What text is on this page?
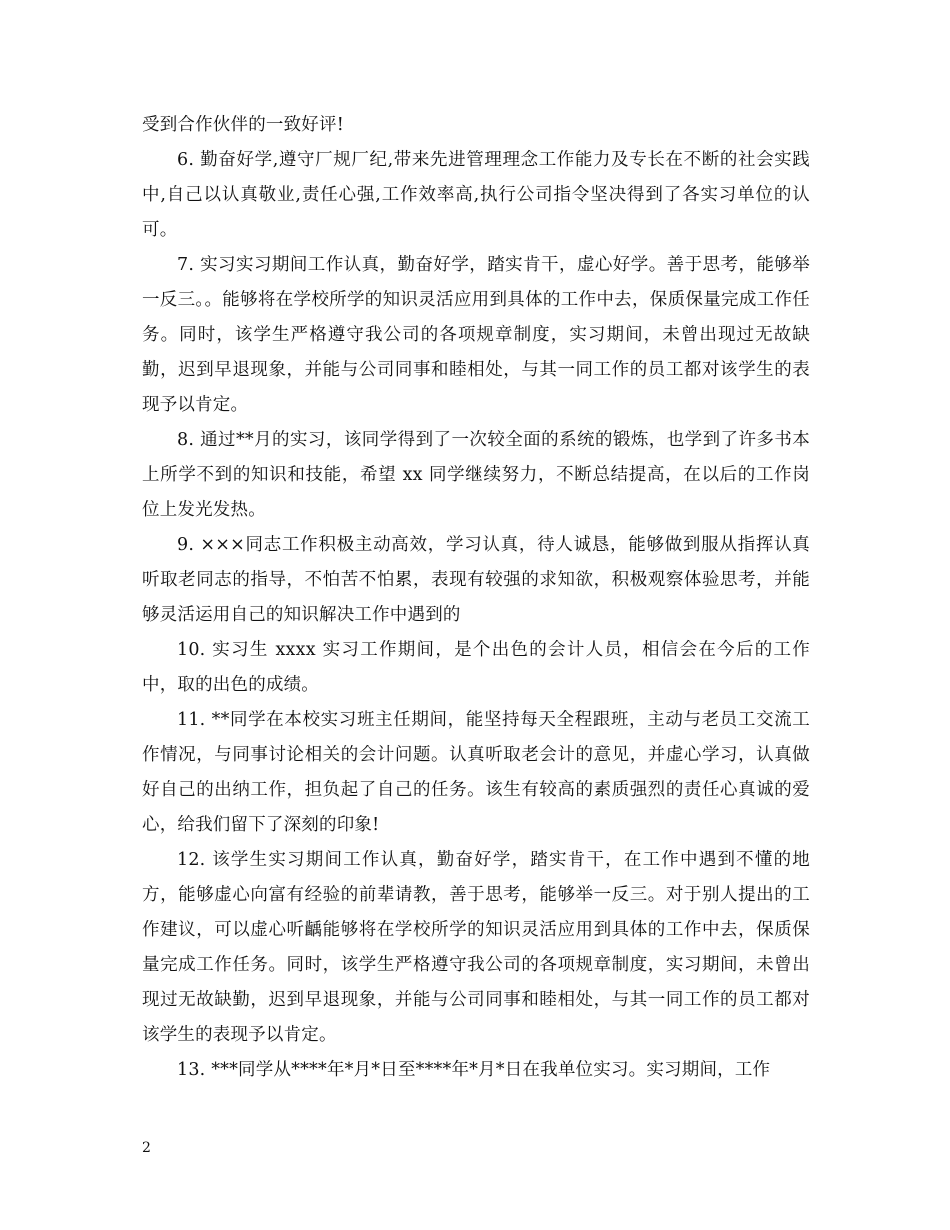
受到合作伙伴的一致好评!

6. 勤奋好学,遵守厂规厂纪,带来先进管理理念工作能力及专长在不断的社会实践中,自己以认真敬业,责任心强,工作效率高,执行公司指令坚决得到了各实习单位的认可。

7. 实习实习期间工作认真，勤奋好学，踏实肯干，虚心好学。善于思考，能够举一反三。。能够将在学校所学的知识灵活应用到具体的工作中去，保质保量完成工作任务。同时，该学生严格遵守我公司的各项规章制度，实习期间，未曾出现过无故缺勤，迟到早退现象，并能与公司同事和睦相处，与其一同工作的员工都对该学生的表现予以肯定。

8. 通过**月的实习，该同学得到了一次较全面的系统的锻炼，也学到了许多书本上所学不到的知识和技能，希望 xx 同学继续努力，不断总结提高，在以后的工作岗位上发光发热。

9. ×××同志工作积极主动高效，学习认真，待人诚恳，能够做到服从指挥认真听取老同志的指导，不怕苦不怕累，表现有较强的求知欲，积极观察体验思考，并能够灵活运用自己的知识解决工作中遇到的

10. 实习生 xxxx 实习工作期间，是个出色的会计人员，相信会在今后的工作中，取的出色的成绩。

11. **同学在本校实习班主任期间，能坚持每天全程跟班，主动与老员工交流工作情况，与同事讨论相关的会计问题。认真听取老会计的意见，并虚心学习，认真做好自己的出纳工作，担负起了自己的任务。该生有较高的素质强烈的责任心真诚的爱心，给我们留下了深刻的印象!

12. 该学生实习期间工作认真，勤奋好学，踏实肯干，在工作中遇到不懂的地方，能够虚心向富有经验的前辈请教，善于思考，能够举一反三。对于别人提出的工作建议，可以虚心听齲能够将在学校所学的知识灵活应用到具体的工作中去，保质保量完成工作任务。同时，该学生严格遵守我公司的各项规章制度，实习期间，未曾出现过无故缺勤，迟到早退现象，并能与公司同事和睦相处，与其一同工作的员工都对该学生的表现予以肯定。

13. ***同学从****年*月*日至****年*月*日在我单位实习。实习期间，工作

2
